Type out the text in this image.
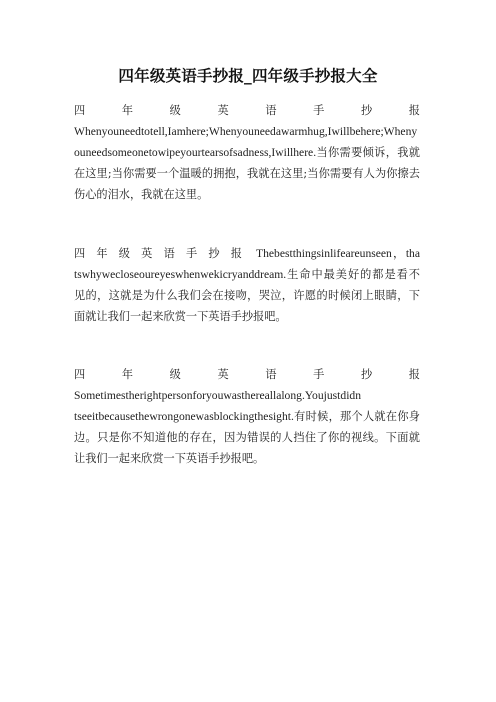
四年级英语手抄报_四年级手抄报大全
四	年	级	英	语	手	抄	报
Whenyouneedtotell,Iamhere;Whenyouneedawarmhug,Iwillbehere;Whenyouneedsomeonetowipeyourtearsofsadness,Iwillhere.当你需要倾诉，我就在这里;当你需要一个温暖的拥抱，我就在这里;当你需要有人为你擦去伤心的泪水，我就在这里。
四 年 级 英 语 手 抄 报 Thebestthingsinlifeareunseen，thatswhywecloseoureyeswhenwekicryanddream.生命中最美好的都是看不见的，这就是为什么我们会在接吻，哭泣，许愿的时候闭上眼睛，下面就让我们一起来欣赏一下英语手抄报吧。
四	年	级	英	语	手	抄	报
Sometimestherightpersonforyouwasthereallalong.Youjustdidn
tseeitbecausethewrongonewasblockingthesight.有时候，那个人就在你身边。只是你不知道他的存在，因为错误的人挡住了你的视线。下面就让我们一起来欣赏一下英语手抄报吧。
